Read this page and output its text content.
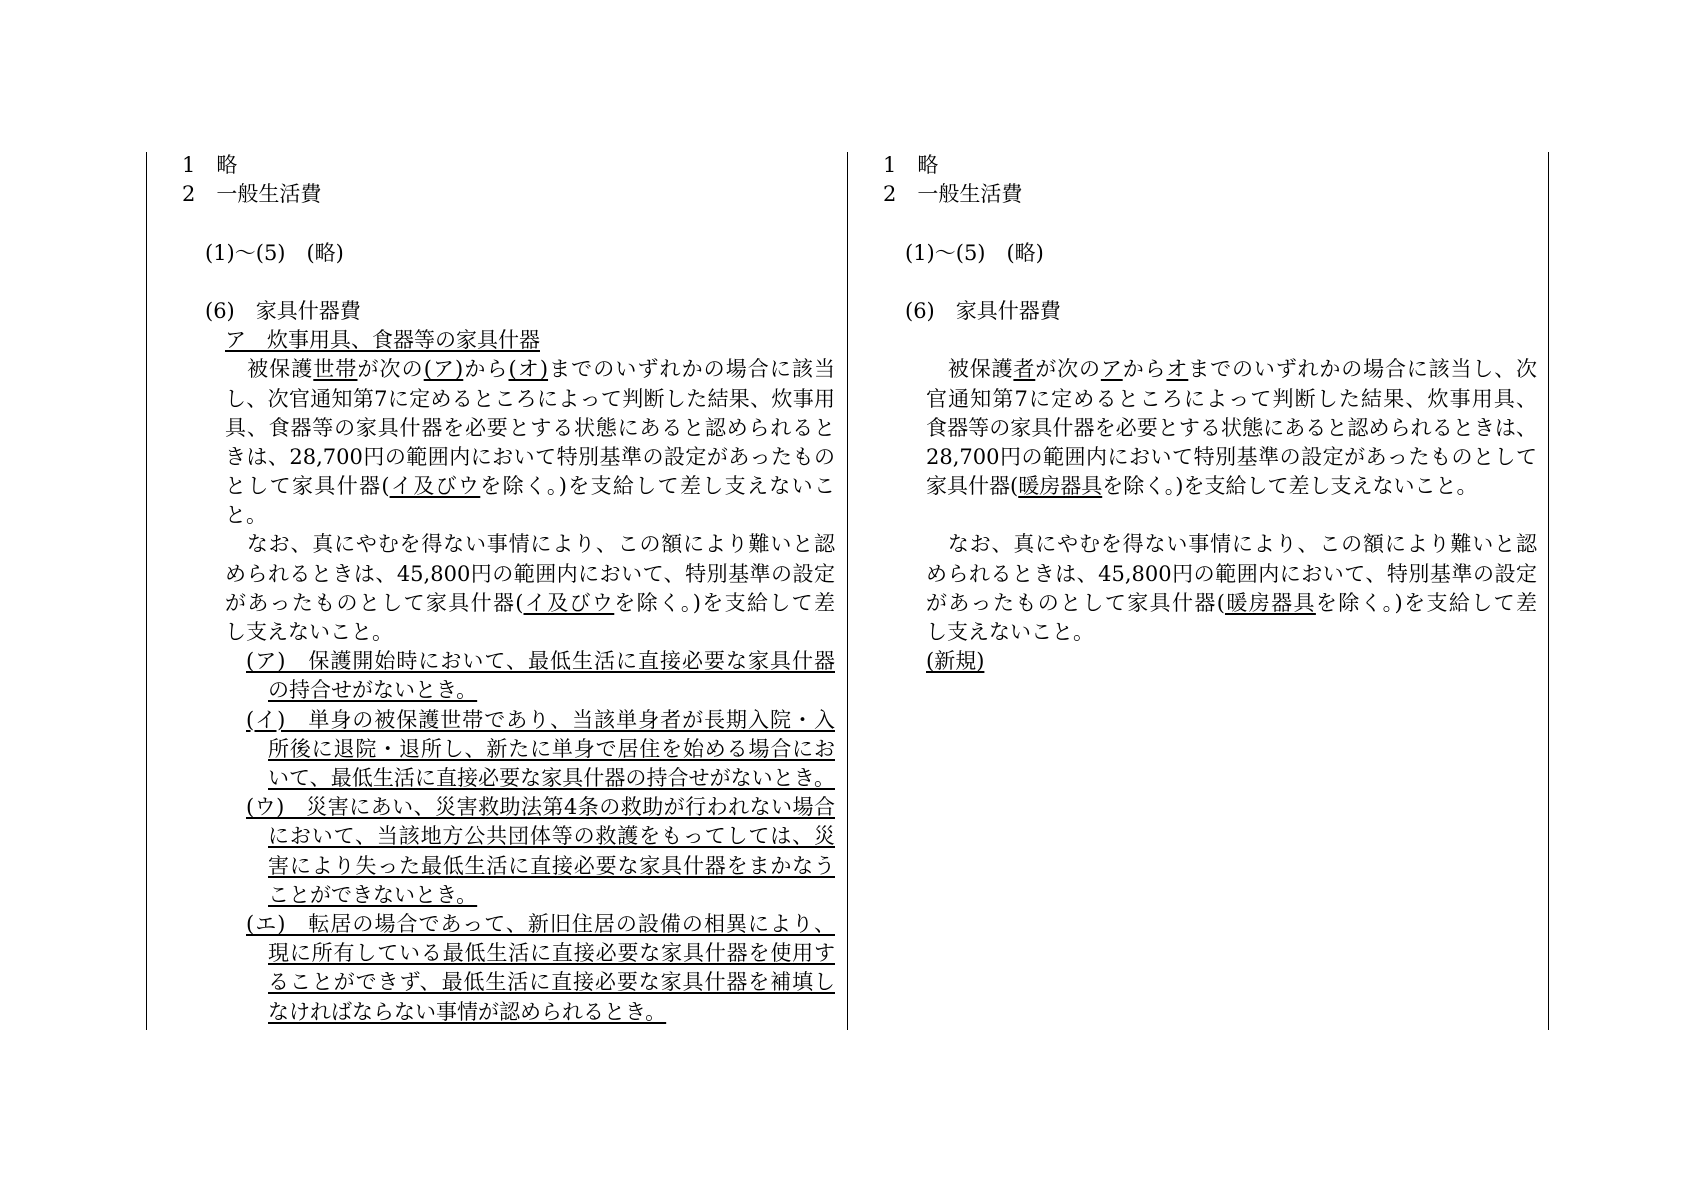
1　略
2　一般生活費
(1)～(5)　(略)
(6)　家具什器費
ア　炊事用具、食器等の家具什器
　被保護世帯が次の(ア)から(オ)までのいずれかの場合に該当
し、次官通知第7に定めるところによって判断した結果、炊事用
具、食器等の家具什器を必要とする状態にあると認められると
きは、28,700円の範囲内において特別基準の設定があったもの
として家具什器(イ及びウを除く。)を支給して差し支えないこ
と。
　なお、真にやむを得ない事情により、この額により難いと認
められるときは、45,800円の範囲内において、特別基準の設定
があったものとして家具什器(イ及びウを除く。)を支給して差
し支えないこと。
(ア)　保護開始時において、最低生活に直接必要な家具什器
の持合せがないとき。
(イ)　単身の被保護世帯であり、当該単身者が長期入院・入
所後に退院・退所し、新たに単身で居住を始める場合にお
いて、最低生活に直接必要な家具什器の持合せがないとき。
(ウ)　災害にあい、災害救助法第4条の救助が行われない場合
において、当該地方公共団体等の救護をもってしては、災
害により失った最低生活に直接必要な家具什器をまかなう
ことができないとき。
(エ)　転居の場合であって、新旧住居の設備の相異により、
現に所有している最低生活に直接必要な家具什器を使用す
ることができず、最低生活に直接必要な家具什器を補填し
なければならない事情が認められるとき。
1　略
2　一般生活費
(1)～(5)　(略)
(6)　家具什器費
　被保護者が次のアからオまでのいずれかの場合に該当し、次
官通知第7に定めるところによって判断した結果、炊事用具、
食器等の家具什器を必要とする状態にあると認められるときは、
28,700円の範囲内において特別基準の設定があったものとして
家具什器(暖房器具を除く。)を支給して差し支えないこと。
　なお、真にやむを得ない事情により、この額により難いと認
められるときは、45,800円の範囲内において、特別基準の設定
があったものとして家具什器(暖房器具を除く。)を支給して差
し支えないこと。
(新規)
